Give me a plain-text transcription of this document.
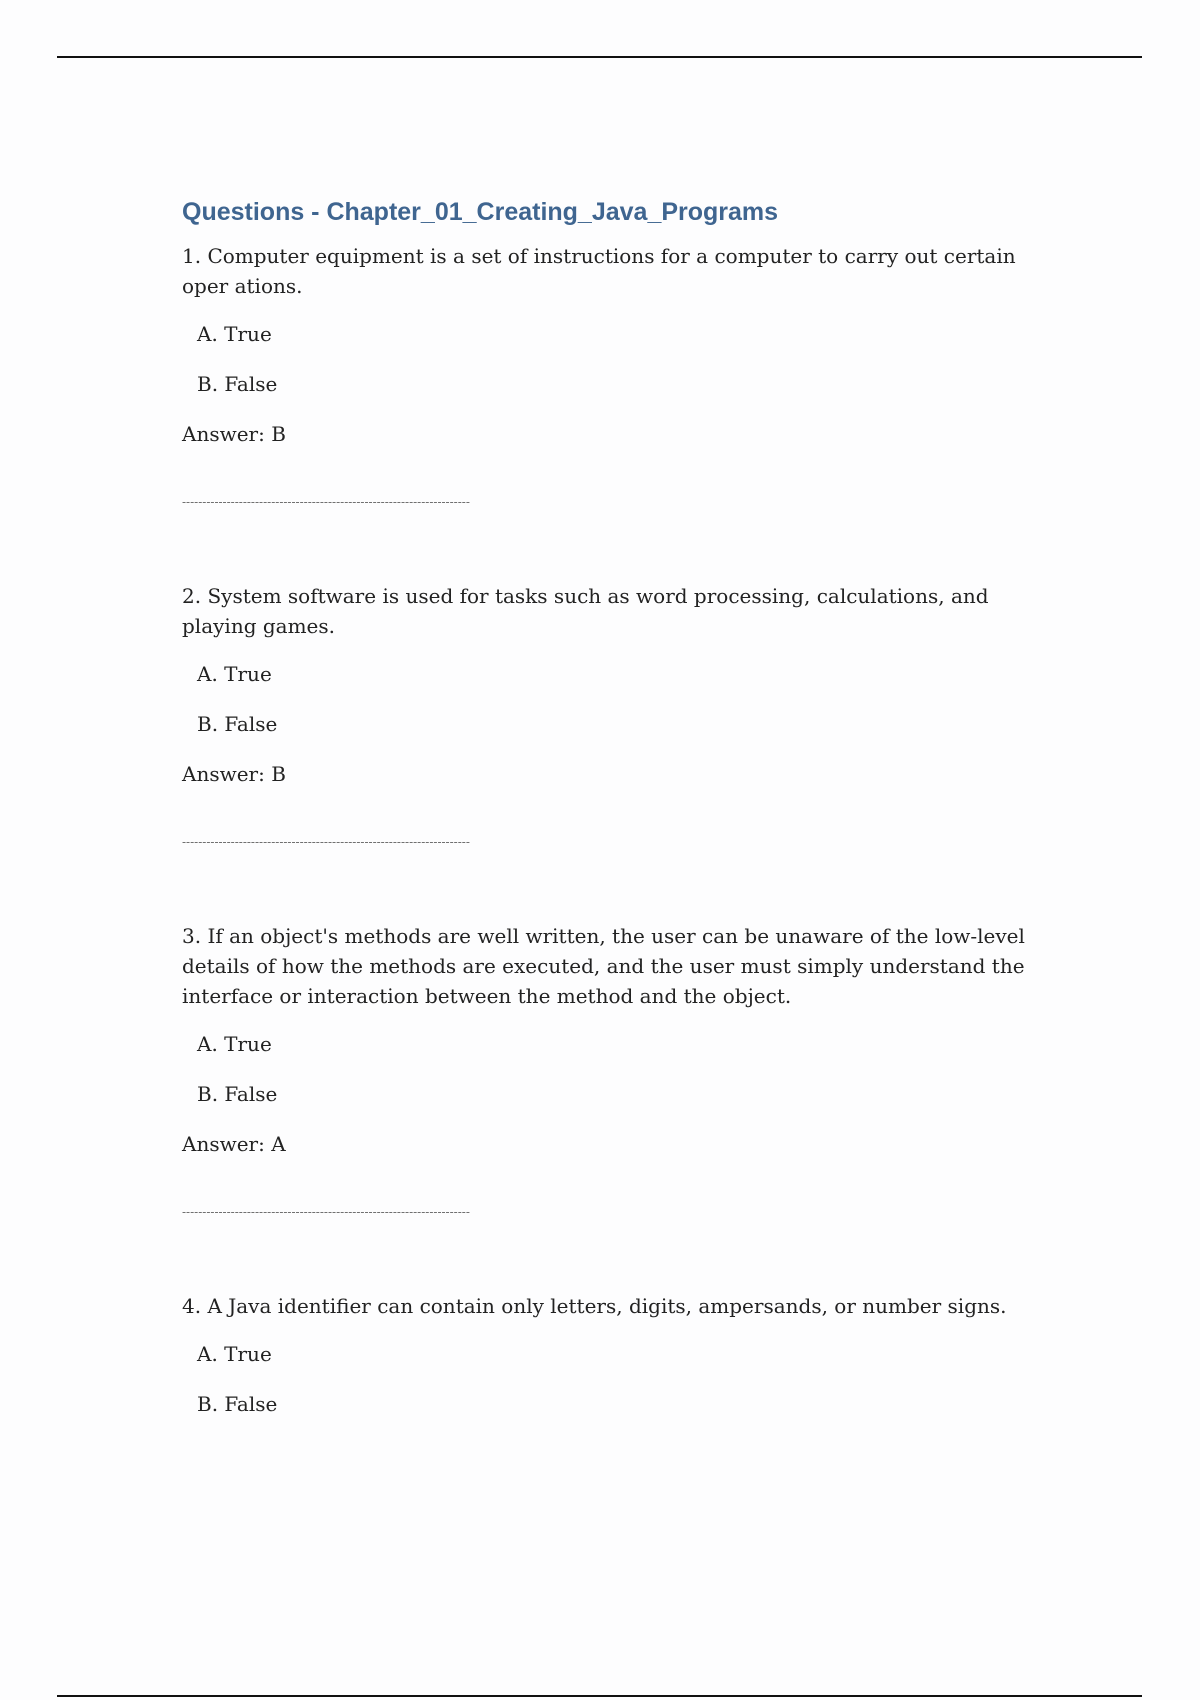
Questions - Chapter_01_Creating_Java_Programs

1. Computer equipment is a set of instructions for a computer to carry out certain oper ations.

A. True

B. False

Answer: B

-----------------------------------------------------------------------

2. System software is used for tasks such as word processing, calculations, and playing games.

A. True

B. False

Answer: B

-----------------------------------------------------------------------

3. If an object's methods are well written, the user can be unaware of the low-level details of how the methods are executed, and the user must simply understand the interface or interaction between the method and the object.

A. True

B. False

Answer: A

-----------------------------------------------------------------------

4. A Java identifier can contain only letters, digits, ampersands, or number signs.

A. True

B. False
